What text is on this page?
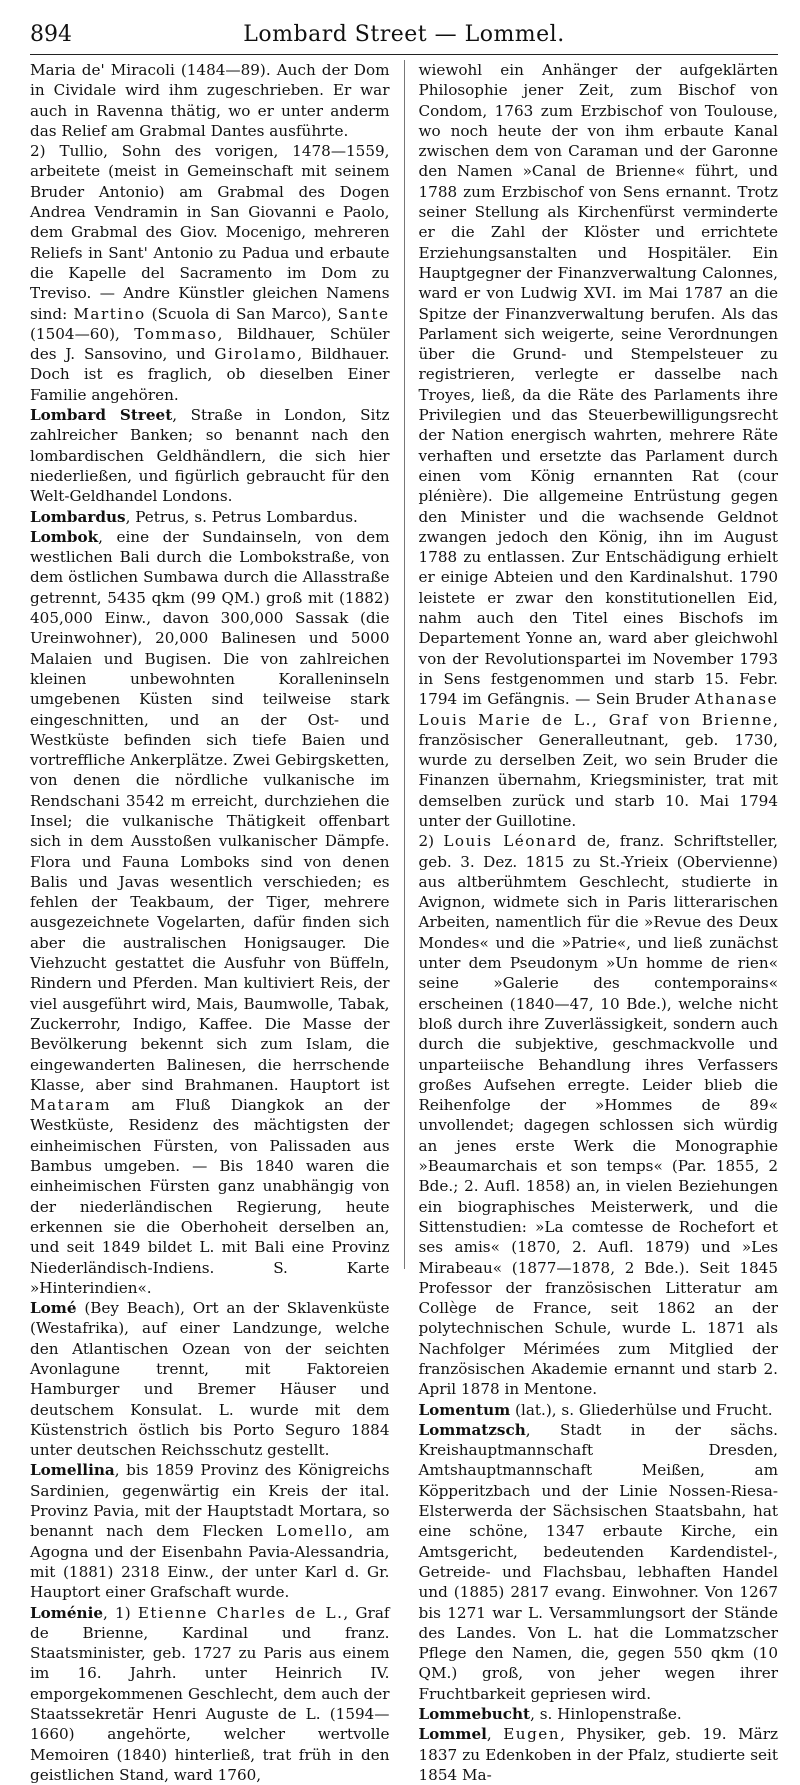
894	Lombard Street — Lommel.

Maria de' Miracoli (1484—89). Auch der Dom in Cividale wird ihm zugeschrieben. Er war auch in Ravenna thätig, wo er unter anderm das Relief am Grabmal Dantes ausführte.

2) Tullio, Sohn des vorigen, 1478—1559, arbeitete (meist in Gemeinschaft mit seinem Bruder Antonio) am Grabmal des Dogen Andrea Vendramin in San Giovanni e Paolo, dem Grabmal des Giov. Mocenigo, mehreren Reliefs in Sant' Antonio zu Padua und erbaute die Kapelle del Sacramento im Dom zu Treviso. — Andre Künstler gleichen Namens sind: Martino (Scuola di San Marco), Sante (1504—60), Tommaso, Bildhauer, Schüler des J. Sansovino, und Girolamo, Bildhauer. Doch ist es fraglich, ob dieselben Einer Familie angehören.

Lombard Street, Straße in London, Sitz zahlreicher Banken; so benannt nach den lombardischen Geldhändlern, die sich hier niederließen, und figürlich gebraucht für den Welt-Geldhandel Londons.

Lombardus, Petrus, s. Petrus Lombardus.

Lombok, eine der Sundainseln, von dem westlichen Bali durch die Lombokstraße, von dem östlichen Sumbawa durch die Allasstraße getrennt, 5435 qkm (99 QM.) groß mit (1882) 405,000 Einw., davon 300,000 Sassak (die Ureinwohner), 20,000 Balinesen und 5000 Malaien und Bugisen. Die von zahlreichen kleinen unbewohnten Koralleninseln umgebenen Küsten sind teilweise stark eingeschnitten, und an der Ost- und Westküste befinden sich tiefe Baien und vortreffliche Ankerplätze. Zwei Gebirgsketten, von denen die nördliche vulkanische im Rendschani 3542 m erreicht, durchziehen die Insel; die vulkanische Thätigkeit offenbart sich in dem Ausstoßen vulkanischer Dämpfe. Flora und Fauna Lomboks sind von denen Balis und Javas wesentlich verschieden; es fehlen der Teakbaum, der Tiger, mehrere ausgezeichnete Vogelarten, dafür finden sich aber die australischen Honigsauger. Die Viehzucht gestattet die Ausfuhr von Büffeln, Rindern und Pferden. Man kultiviert Reis, der viel ausgeführt wird, Mais, Baumwolle, Tabak, Zuckerrohr, Indigo, Kaffee. Die Masse der Bevölkerung bekennt sich zum Islam, die eingewanderten Balinesen, die herrschende Klasse, aber sind Brahmanen. Hauptort ist Mataram am Fluß Diangkok an der Westküste, Residenz des mächtigsten der einheimischen Fürsten, von Palissaden aus Bambus umgeben. — Bis 1840 waren die einheimischen Fürsten ganz unabhängig von der niederländischen Regierung, heute erkennen sie die Oberhoheit derselben an, und seit 1849 bildet L. mit Bali eine Provinz Niederländisch-Indiens. S. Karte »Hinterindien«.

Lomé (Bey Beach), Ort an der Sklavenküste (Westafrika), auf einer Landzunge, welche den Atlantischen Ozean von der seichten Avonlagune trennt, mit Faktoreien Hamburger und Bremer Häuser und deutschem Konsulat. L. wurde mit dem Küstenstrich östlich bis Porto Seguro 1884 unter deutschen Reichsschutz gestellt.

Lomellina, bis 1859 Provinz des Königreichs Sardinien, gegenwärtig ein Kreis der ital. Provinz Pavia, mit der Hauptstadt Mortara, so benannt nach dem Flecken Lomello, am Agogna und der Eisenbahn Pavia-Alessandria, mit (1881) 2318 Einw., der unter Karl d. Gr. Hauptort einer Grafschaft wurde.

Loménie, 1) Etienne Charles de L., Graf de Brienne, Kardinal und franz. Staatsminister, geb. 1727 zu Paris aus einem im 16. Jahrh. unter Heinrich IV. emporgekommenen Geschlecht, dem auch der Staatssekretär Henri Auguste de L. (1594—1660) angehörte, welcher wertvolle Memoiren (1840) hinterließ, trat früh in den geistlichen Stand, ward 1760,

wiewohl ein Anhänger der aufgeklärten Philosophie jener Zeit, zum Bischof von Condom, 1763 zum Erzbischof von Toulouse, wo noch heute der von ihm erbaute Kanal zwischen dem von Caraman und der Garonne den Namen »Canal de Brienne« führt, und 1788 zum Erzbischof von Sens ernannt. Trotz seiner Stellung als Kirchenfürst verminderte er die Zahl der Klöster und errichtete Erziehungsanstalten und Hospitäler. Ein Hauptgegner der Finanzverwaltung Calonnes, ward er von Ludwig XVI. im Mai 1787 an die Spitze der Finanzverwaltung berufen. Als das Parlament sich weigerte, seine Verordnungen über die Grund- und Stempelsteuer zu registrieren, verlegte er dasselbe nach Troyes, ließ, da die Räte des Parlaments ihre Privilegien und das Steuerbewilligungsrecht der Nation energisch wahrten, mehrere Räte verhaften und ersetzte das Parlament durch einen vom König ernannten Rat (cour plénière). Die allgemeine Entrüstung gegen den Minister und die wachsende Geldnot zwangen jedoch den König, ihn im August 1788 zu entlassen. Zur Entschädigung erhielt er einige Abteien und den Kardinalshut. 1790 leistete er zwar den konstitutionellen Eid, nahm auch den Titel eines Bischofs im Departement Yonne an, ward aber gleichwohl von der Revolutionspartei im November 1793 in Sens festgenommen und starb 15. Febr. 1794 im Gefängnis. — Sein Bruder Athanase Louis Marie de L., Graf von Brienne, französischer Generalleutnant, geb. 1730, wurde zu derselben Zeit, wo sein Bruder die Finanzen übernahm, Kriegsminister, trat mit demselben zurück und starb 10. Mai 1794 unter der Guillotine.

2) Louis Léonard de, franz. Schriftsteller, geb. 3. Dez. 1815 zu St.-Yrieix (Obervienne) aus altberühmtem Geschlecht, studierte in Avignon, widmete sich in Paris litterarischen Arbeiten, namentlich für die »Revue des Deux Mondes« und die »Patrie«, und ließ zunächst unter dem Pseudonym »Un homme de rien« seine »Galerie des contemporains« erscheinen (1840—47, 10 Bde.), welche nicht bloß durch ihre Zuverlässigkeit, sondern auch durch die subjektive, geschmackvolle und unparteiische Behandlung ihres Verfassers großes Aufsehen erregte. Leider blieb die Reihenfolge der »Hommes de 89« unvollendet; dagegen schlossen sich würdig an jenes erste Werk die Monographie »Beaumarchais et son temps« (Par. 1855, 2 Bde.; 2. Aufl. 1858) an, in vielen Beziehungen ein biographisches Meisterwerk, und die Sittenstudien: »La comtesse de Rochefort et ses amis« (1870, 2. Aufl. 1879) und »Les Mirabeau« (1877—1878, 2 Bde.). Seit 1845 Professor der französischen Litteratur am Collège de France, seit 1862 an der polytechnischen Schule, wurde L. 1871 als Nachfolger Mérimées zum Mitglied der französischen Akademie ernannt und starb 2. April 1878 in Mentone.

Lomentum (lat.), s. Gliederhülse und Frucht.

Lommatzsch, Stadt in der sächs. Kreishauptmannschaft Dresden, Amtshauptmannschaft Meißen, am Köpperitzbach und der Linie Nossen-Riesa-Elsterwerda der Sächsischen Staatsbahn, hat eine schöne, 1347 erbaute Kirche, ein Amtsgericht, bedeutenden Kardendistel-, Getreide- und Flachsbau, lebhaften Handel und (1885) 2817 evang. Einwohner. Von 1267 bis 1271 war L. Versammlungsort der Stände des Landes. Von L. hat die Lommatzscher Pflege den Namen, die, gegen 550 qkm (10 QM.) groß, von jeher wegen ihrer Fruchtbarkeit gepriesen wird.

Lommebucht, s. Hinlopenstraße.

Lommel, Eugen, Physiker, geb. 19. März 1837 zu Edenkoben in der Pfalz, studierte seit 1854 Ma-
